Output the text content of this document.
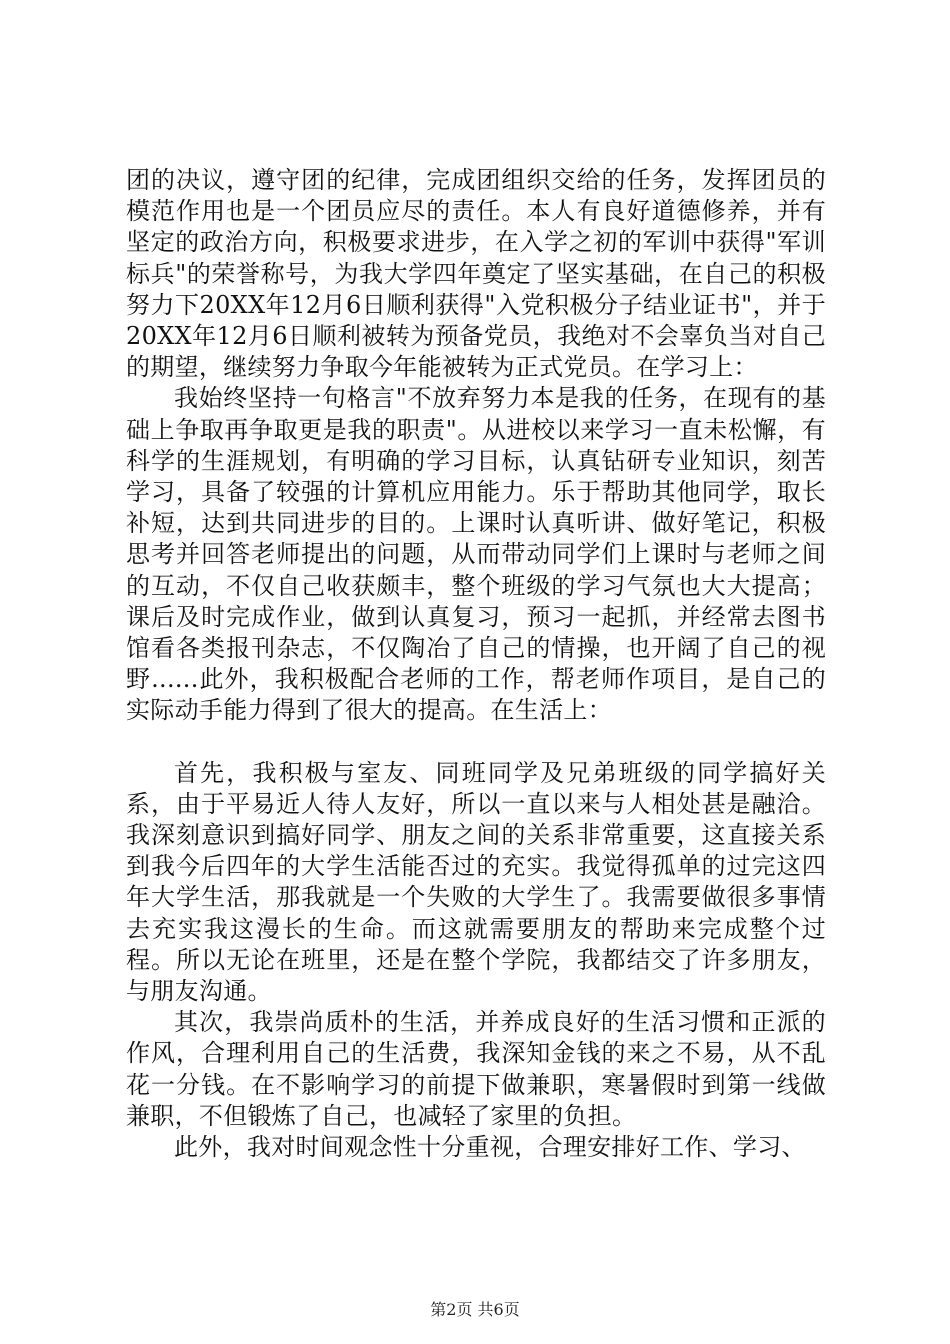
团的决议，遵守团的纪律，完成团组织交给的任务，发挥团员的模范作用也是一个团员应尽的责任。本人有良好道德修养，并有坚定的政治方向，积极要求进步，在入学之初的军训中获得"军训标兵"的荣誉称号，为我大学四年奠定了坚实基础，在自己的积极努力下20XX年12月6日顺利获得"入党积极分子结业证书"，并于20XX年12月6日顺利被转为预备党员，我绝对不会辜负当对自己的期望，继续努力争取今年能被转为正式党员。在学习上：

我始终坚持一句格言"不放弃努力本是我的任务，在现有的基础上争取再争取更是我的职责"。从进校以来学习一直未松懈，有科学的生涯规划，有明确的学习目标，认真钻研专业知识，刻苦学习，具备了较强的计算机应用能力。乐于帮助其他同学，取长补短，达到共同进步的目的。上课时认真听讲、做好笔记，积极思考并回答老师提出的问题，从而带动同学们上课时与老师之间的互动，不仅自己收获颇丰，整个班级的学习气氛也大大提高；课后及时完成作业，做到认真复习，预习一起抓，并经常去图书馆看各类报刊杂志，不仅陶冶了自己的情操，也开阔了自己的视野......此外，我积极配合老师的工作，帮老师作项目，是自己的实际动手能力得到了很大的提高。在生活上：

首先，我积极与室友、同班同学及兄弟班级的同学搞好关系，由于平易近人待人友好，所以一直以来与人相处甚是融洽。我深刻意识到搞好同学、朋友之间的关系非常重要，这直接关系到我今后四年的大学生活能否过的充实。我觉得孤单的过完这四年大学生活，那我就是一个失败的大学生了。我需要做很多事情去充实我这漫长的生命。而这就需要朋友的帮助来完成整个过程。所以无论在班里，还是在整个学院，我都结交了许多朋友，与朋友沟通。

其次，我崇尚质朴的生活，并养成良好的生活习惯和正派的作风，合理利用自己的生活费，我深知金钱的来之不易，从不乱花一分钱。在不影响学习的前提下做兼职，寒暑假时到第一线做兼职，不但锻炼了自己，也减轻了家里的负担。

此外，我对时间观念性十分重视，合理安排好工作、学习、

第2页 共6页
